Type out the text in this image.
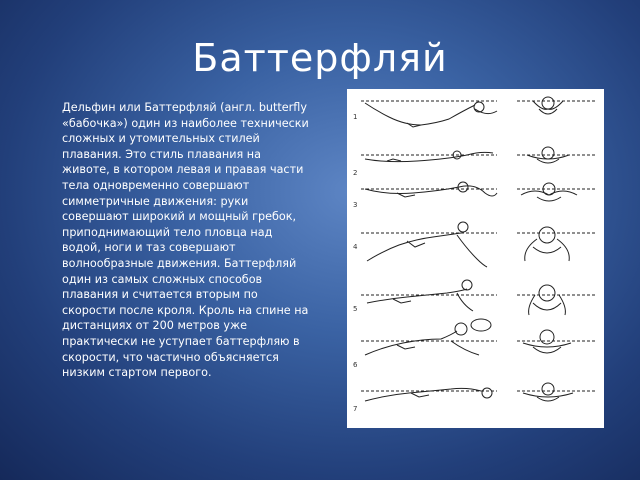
Баттерфляй
Дельфин или Баттерфляй (англ. butterfly «бабочка») один из наиболее технически сложных и утомительных стилей плавания. Это стиль плавания на животе, в котором левая и правая части тела одновременно совершают симметричные движения: руки совершают широкий и мощный гребок, приподнимающий тело пловца над водой, ноги и таз совершают волнообразные движения. Баттерфляй один из самых сложных способов плавания и считается вторым по скорости после кроля. Кроль на спине на дистанциях от 200 метров уже практически не уступает баттерфляю в скорости, что частично объясняется низким стартом первого.
1
2
3
4
5
6
7
